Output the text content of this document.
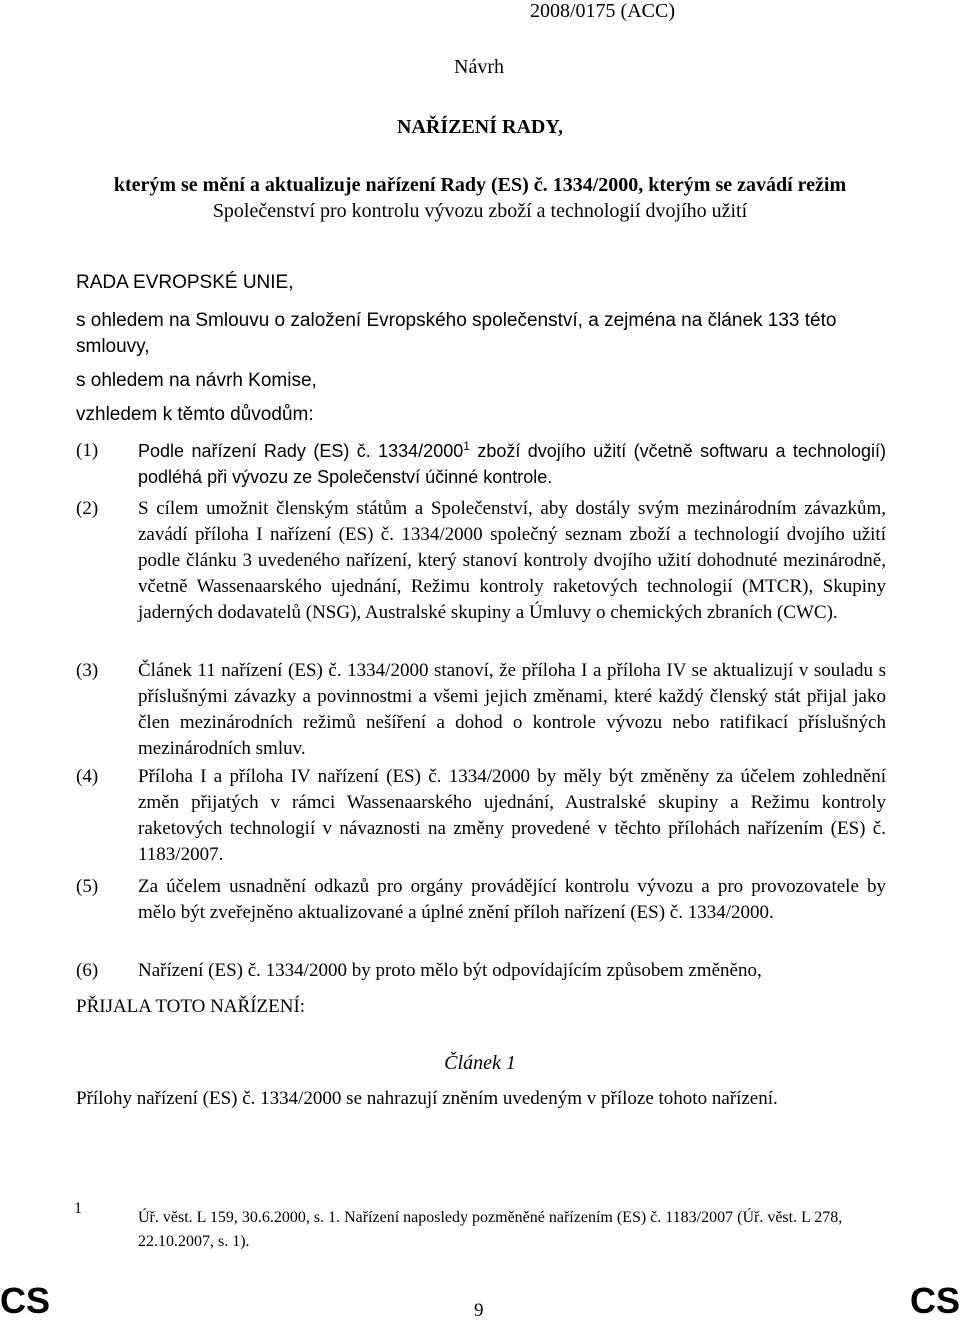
2008/0175 (ACC)
Návrh
NAŘÍZENÍ RADY,
kterým se mění a aktualizuje nařízení Rady (ES) č. 1334/2000, kterým se zavádí režim
Společenství pro kontrolu vývozu zboží a technologií dvojího užití
RADA EVROPSKÉ UNIE,
s ohledem na Smlouvu o založení Evropského společenství, a zejména na článek 133 této
smlouvy,
s ohledem na návrh Komise,
vzhledem k těmto důvodům:
(1) Podle nařízení Rady (ES) č. 1334/2000$^1$ zboží dvojího užití (včetně softwaru a technologií) podléhá při vývozu ze Společenství účinné kontrole.
(2) S cílem umožnit členským státům a Společenství, aby dostály svým mezinárodním závazkům, zavádí příloha I nařízení (ES) č. 1334/2000 společný seznam zboží a technologií dvojího užití podle článku 3 uvedeného nařízení, který stanoví kontroly dvojího užití dohodnuté mezinárodně, včetně Wassenaarského ujednání, Režimu kontroly raketových technologií (MTCR), Skupiny jaderných dodavatelů (NSG), Australské skupiny a Úmluvy o chemických zbraních (CWC).
(3) Článek 11 nařízení (ES) č. 1334/2000 stanoví, že příloha I a příloha IV se aktualizují v souladu s příslušnými závazky a povinnostmi a všemi jejich změnami, které každý členský stát přijal jako člen mezinárodních režimů nešíření a dohod o kontrole vývozu nebo ratifikací příslušných mezinárodních smluv.
(4) Příloha I a příloha IV nařízení (ES) č. 1334/2000 by měly být změněny za účelem zohlednění změn přijatých v rámci Wassenaarského ujednání, Australské skupiny a Režimu kontroly raketových technologií v návaznosti na změny provedené v těchto přílohách nařízením (ES) č. 1183/2007.
(5) Za účelem usnadnění odkazů pro orgány provádějící kontrolu vývozu a pro provozovatele by mělo být zveřejněno aktualizované a úplné znění příloh nařízení (ES) č. 1334/2000.
(6) Nařízení (ES) č. 1334/2000 by proto mělo být odpovídajícím způsobem změněno,
PŘIJALA TOTO NAŘÍZENÍ:
Článek 1
Přílohy nařízení (ES) č. 1334/2000 se nahrazují zněním uvedeným v příloze tohoto nařízení.
1
Úř. věst. L 159, 30.6.2000, s. 1. Nařízení naposledy pozměněné nařízením (ES) č. 1183/2007 (Úř. věst. L 278, 22.10.2007, s. 1).
CS	9	CS
